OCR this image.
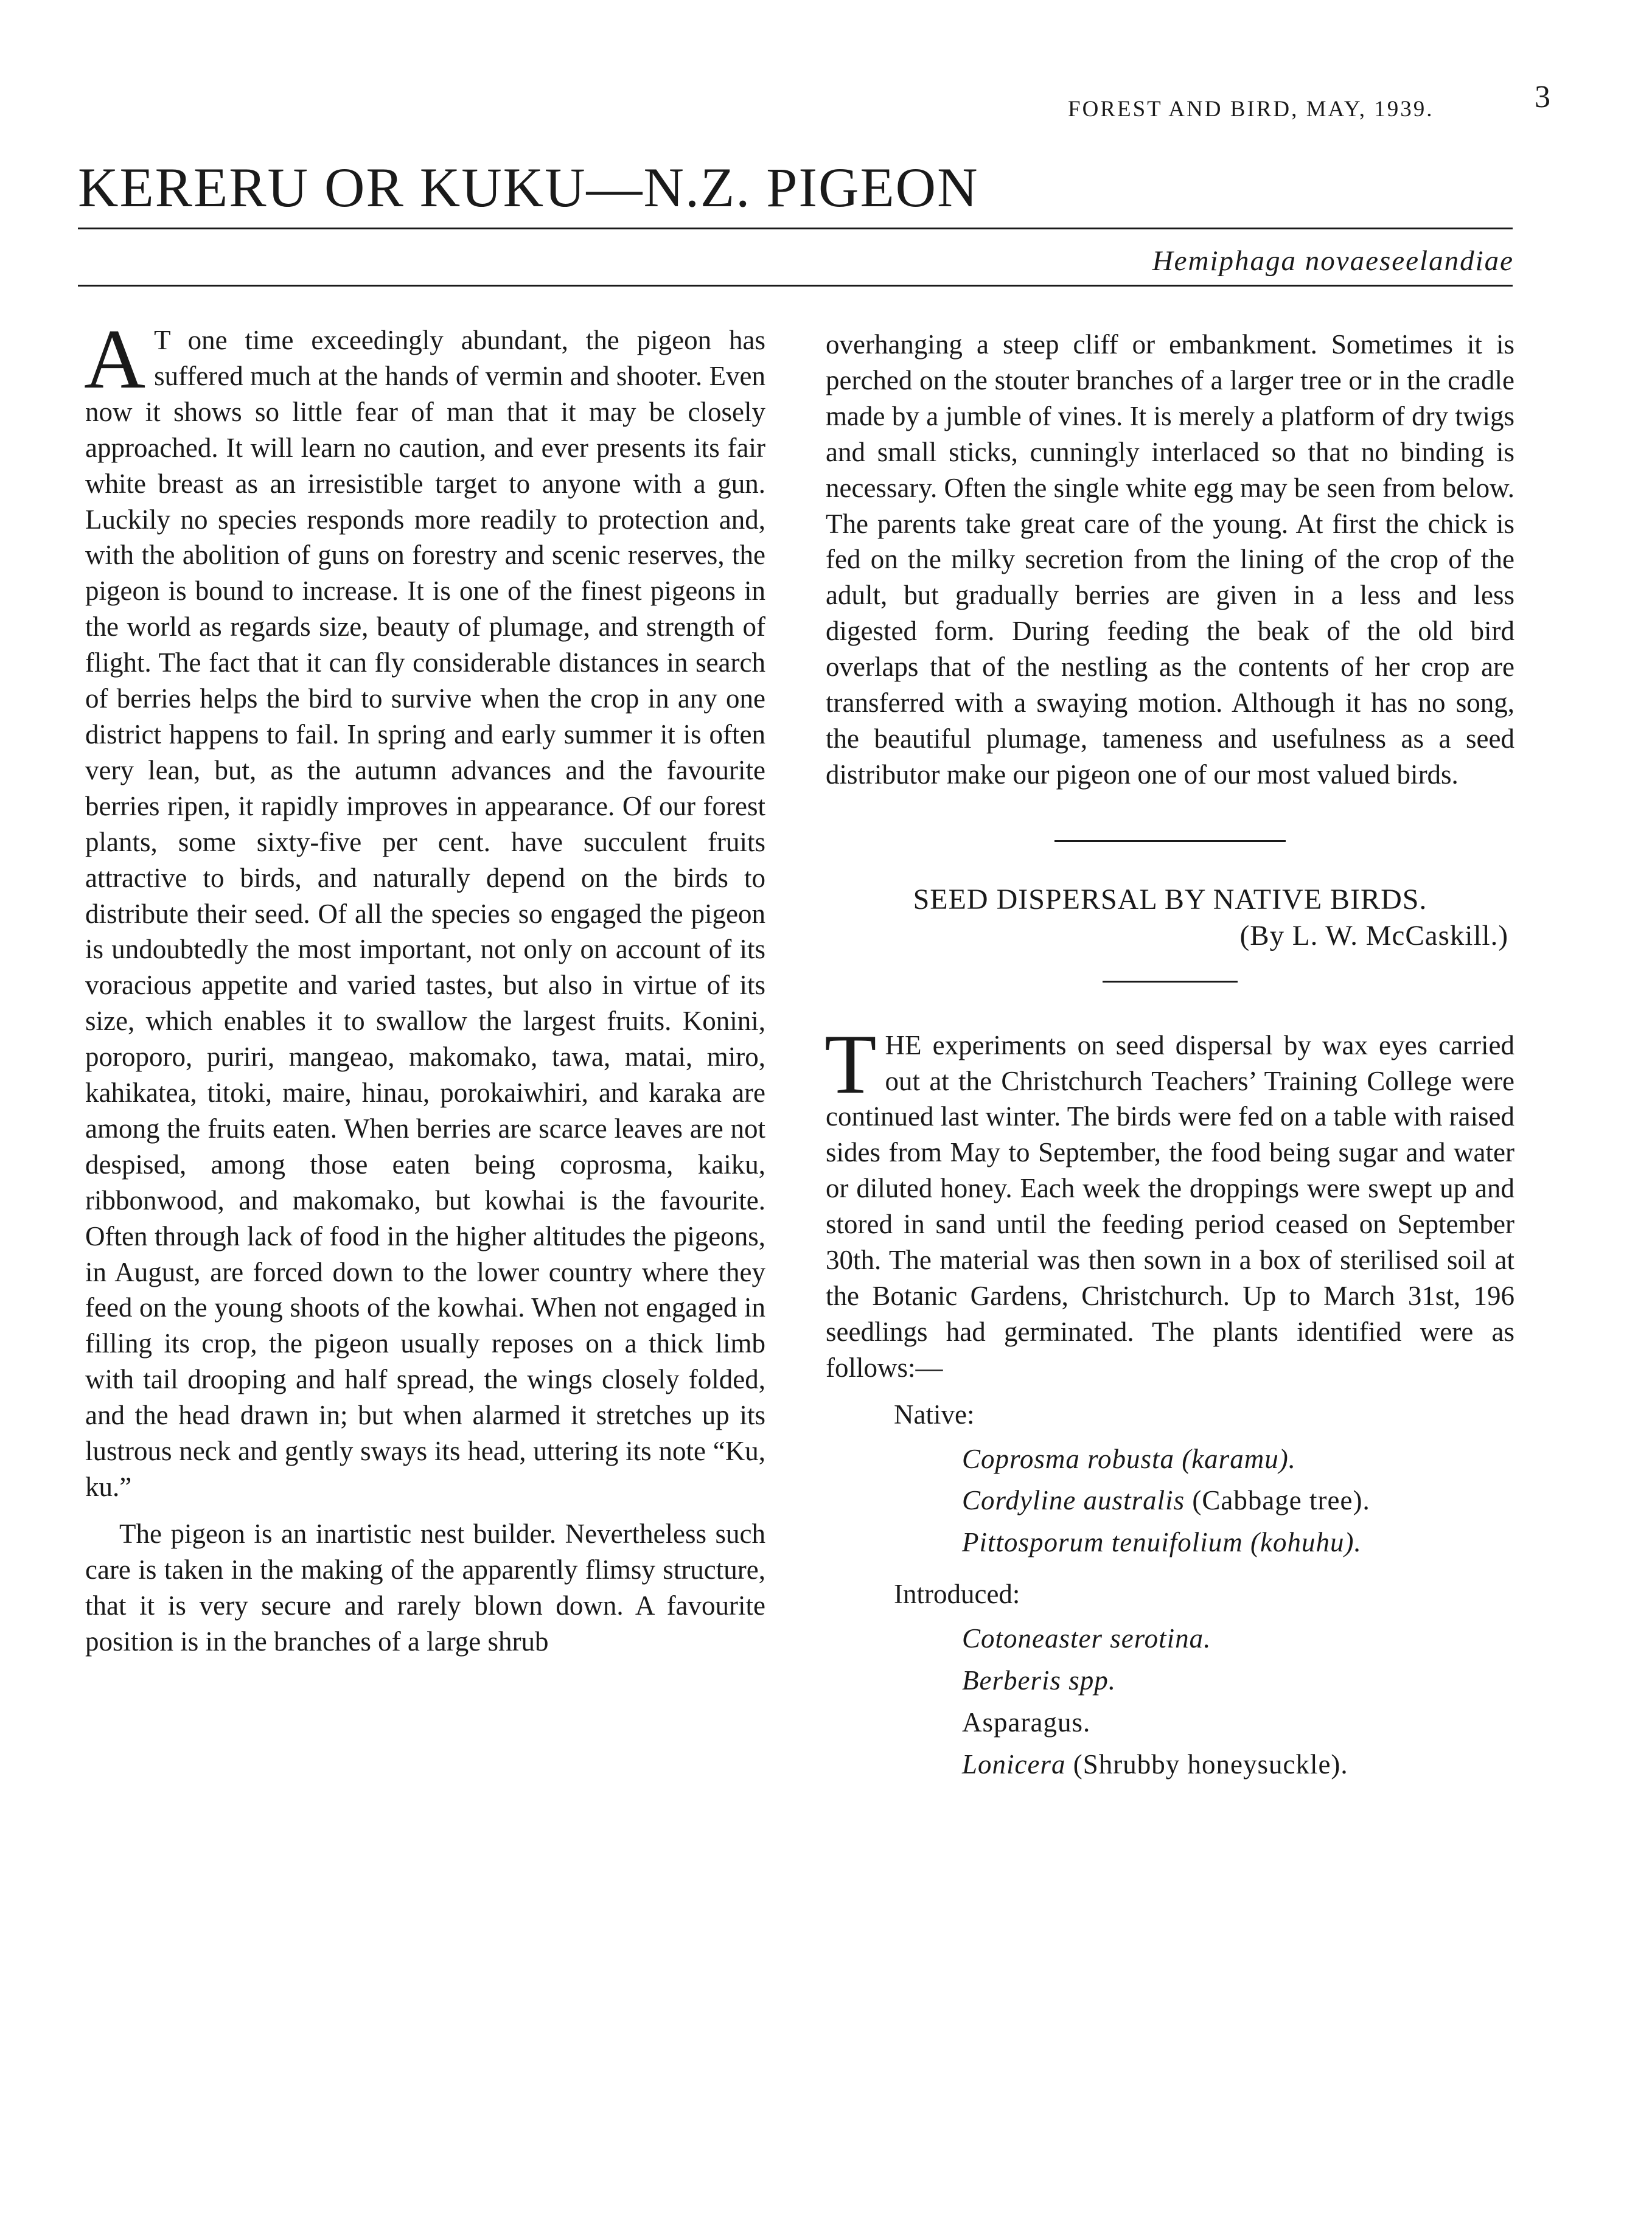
FOREST AND BIRD, MAY, 1939.	3
KERERU OR KUKU—N.Z. PIGEON
Hemiphaga novaeseelandiae

A T one time exceedingly abundant, the pigeon has suffered much at the hands of vermin and shooter. Even now it shows so little fear of man that it may be closely approached. It will learn no caution, and ever presents its fair white breast as an irresistible target to anyone with a gun. Luckily no species responds more readily to protection and, with the abolition of guns on forestry and scenic reserves, the pigeon is bound to increase. It is one of the finest pigeons in the world as regards size, beauty of plumage, and strength of flight. The fact that it can fly considerable distances in search of berries helps the bird to survive when the crop in any one district happens to fail. In spring and early summer it is often very lean, but, as the autumn advances and the favourite berries ripen, it rapidly improves in appearance. Of our forest plants, some sixty-five per cent. have succulent fruits attractive to birds, and naturally depend on the birds to distribute their seed. Of all the species so engaged the pigeon is undoubtedly the most important, not only on account of its voracious appetite and varied tastes, but also in virtue of its size, which enables it to swallow the largest fruits. Konini, poroporo, puriri, mangeao, makomako, tawa, matai, miro, kahikatea, titoki, maire, hinau, porokaiwhiri, and karaka are among the fruits eaten. When berries are scarce leaves are not despised, among those eaten being coprosma, kaiku, ribbonwood, and makomako, but kowhai is the favourite. Often through lack of food in the higher altitudes the pigeons, in August, are forced down to the lower country where they feed on the young shoots of the kowhai. When not engaged in filling its crop, the pigeon usually reposes on a thick limb with tail drooping and half spread, the wings closely folded, and the head drawn in; but when alarmed it stretches up its lustrous neck and gently sways its head, uttering its note “Ku, ku.”

The pigeon is an inartistic nest builder. Nevertheless such care is taken in the making of the apparently flimsy structure, that it is very secure and rarely blown down. A favourite position is in the branches of a large shrub

overhanging a steep cliff or embankment. Sometimes it is perched on the stouter branches of a larger tree or in the cradle made by a jumble of vines. It is merely a platform of dry twigs and small sticks, cunningly interlaced so that no binding is necessary. Often the single white egg may be seen from below. The parents take great care of the young. At first the chick is fed on the milky secretion from the lining of the crop of the adult, but gradually berries are given in a less and less digested form. During feeding the beak of the old bird overlaps that of the nestling as the contents of her crop are transferred with a swaying motion. Although it has no song, the beautiful plumage, tameness and usefulness as a seed distributor make our pigeon one of our most valued birds.

SEED DISPERSAL BY NATIVE BIRDS.
(By L. W. McCaskill.)

THE experiments on seed dispersal by wax eyes carried out at the Christchurch Teachers’ Training College were continued last winter. The birds were fed on a table with raised sides from May to September, the food being sugar and water or diluted honey. Each week the droppings were swept up and stored in sand until the feeding period ceased on September 30th. The material was then sown in a box of sterilised soil at the Botanic Gardens, Christchurch. Up to March 31st, 196 seedlings had germinated. The plants identified were as follows:—

Native:

Coprosma robusta (karamu).

Cordyline australis (Cabbage tree).

Pittosporum tenuifolium (kohuhu).

Introduced:

Cotoneaster serotina.

Berberis spp.

Asparagus.

Lonicera (Shrubby honeysuckle).
